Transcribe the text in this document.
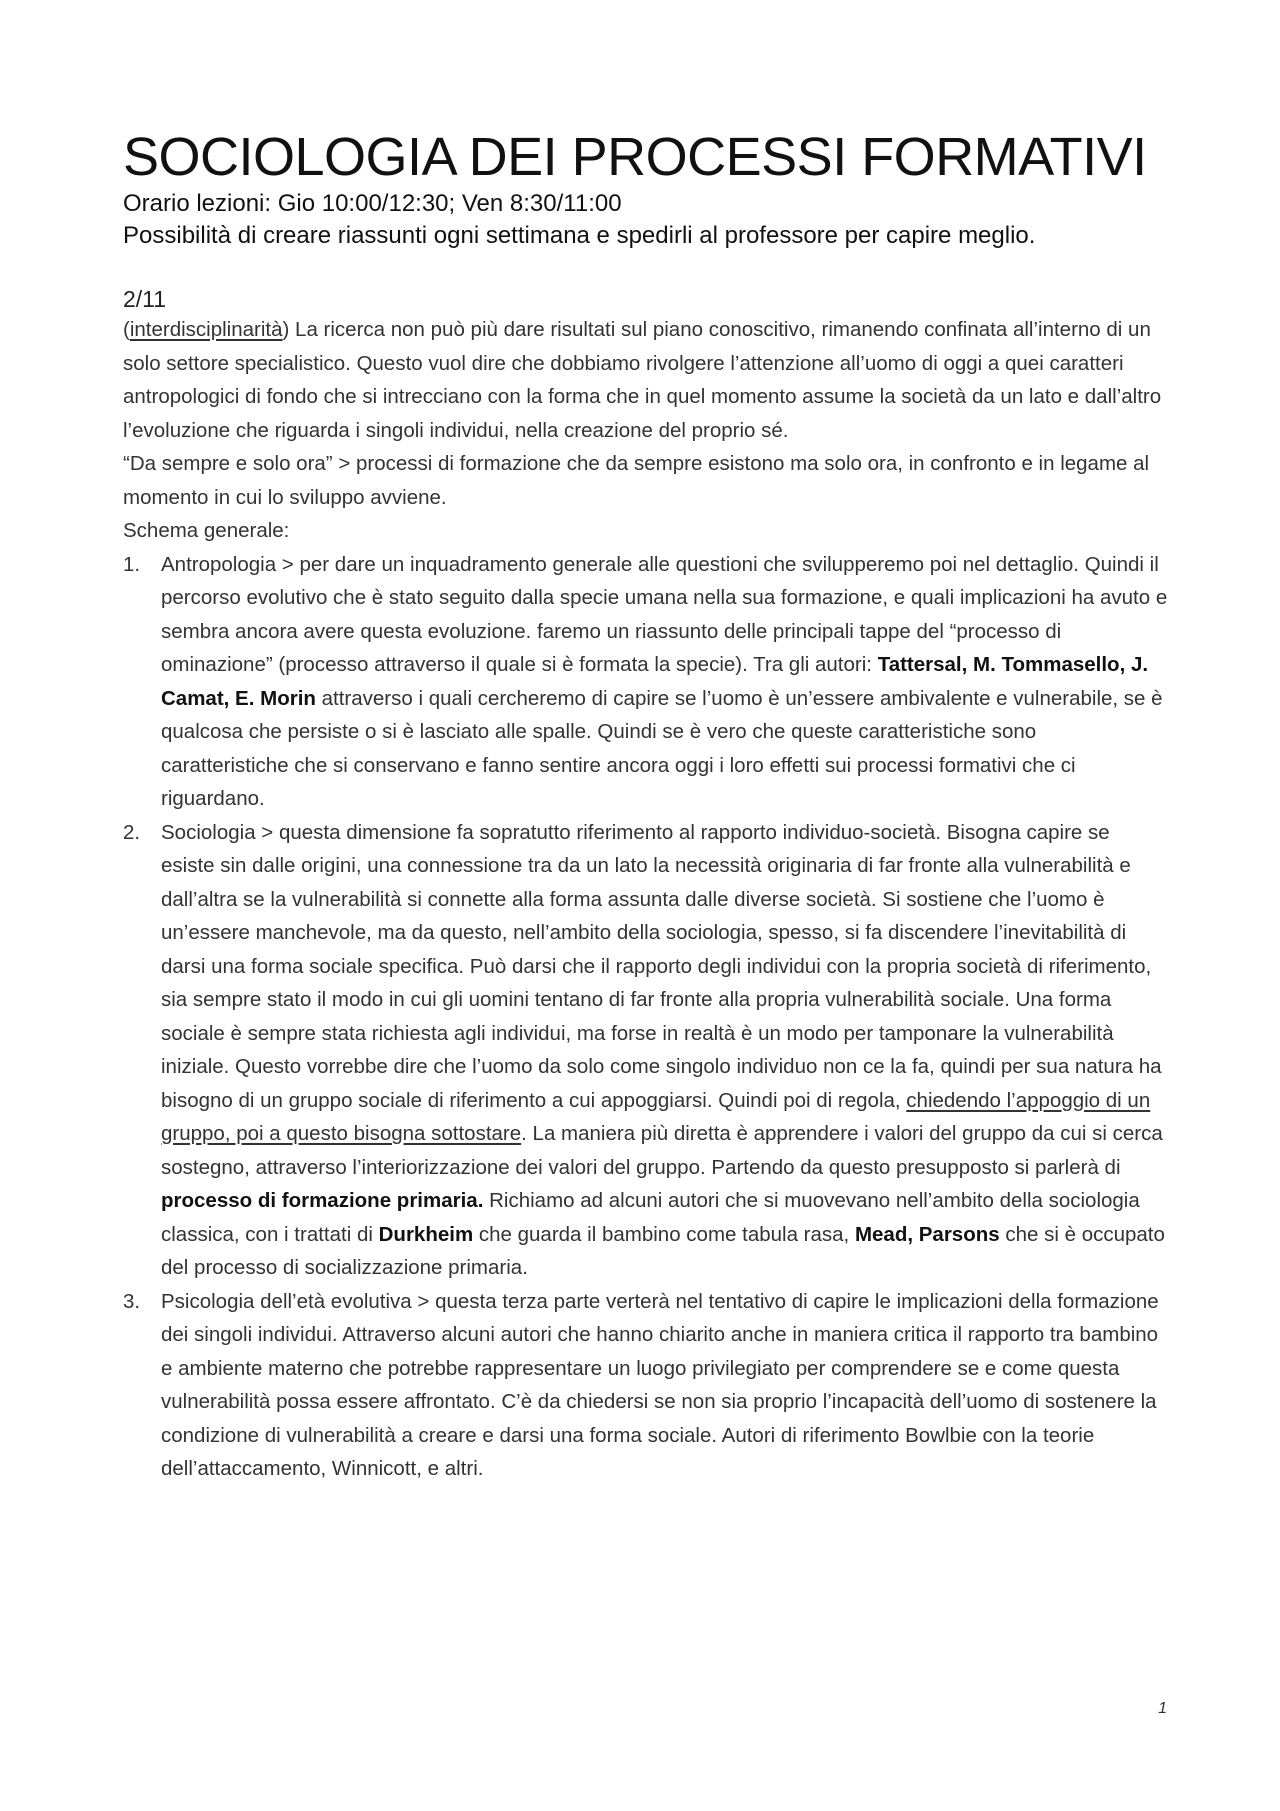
SOCIOLOGIA DEI PROCESSI FORMATIVI

Orario lezioni: Gio 10:00/12:30; Ven 8:30/11:00

Possibilità di creare riassunti ogni settimana e spedirli al professore per capire meglio.

2/11

(interdisciplinarità) La ricerca non può più dare risultati sul piano conoscitivo, rimanendo confinata all’interno di un solo settore specialistico. Questo vuol dire che dobbiamo rivolgere l’attenzione all’uomo di oggi a quei caratteri antropologici di fondo che si intrecciano con la forma che in quel momento assume la società da un lato e dall’altro l’evoluzione che riguarda i singoli individui, nella creazione del proprio sé.

“Da sempre e solo ora” > processi di formazione che da sempre esistono ma solo ora, in confronto e in legame al momento in cui lo sviluppo avviene.

Schema generale:

1. Antropologia > per dare un inquadramento generale alle questioni che svilupperemo poi nel dettaglio. Quindi il percorso evolutivo che è stato seguito dalla specie umana nella sua formazione, e quali implicazioni ha avuto e sembra ancora avere questa evoluzione. faremo un riassunto delle principali tappe del “processo di ominazione” (processo attraverso il quale si è formata la specie). Tra gli autori: Tattersal, M. Tommasello, J. Camat, E. Morin attraverso i quali cercheremo di capire se l’uomo è un’essere ambivalente e vulnerabile, se è qualcosa che persiste o si è lasciato alle spalle. Quindi se è vero che queste caratteristiche sono caratteristiche che si conservano e fanno sentire ancora oggi i loro effetti sui processi formativi che ci riguardano.
2. Sociologia > questa dimensione fa sopratutto riferimento al rapporto individuo-società. Bisogna capire se esiste sin dalle origini, una connessione tra da un lato la necessità originaria di far fronte alla vulnerabilità e dall’altra se la vulnerabilità si connette alla forma assunta dalle diverse società. Si sostiene che l’uomo è un’essere manchevole, ma da questo, nell’ambito della sociologia, spesso, si fa discendere l’inevitabilità di darsi una forma sociale specifica. Può darsi che il rapporto degli individui con la propria società di riferimento, sia sempre stato il modo in cui gli uomini tentano di far fronte alla propria vulnerabilità sociale. Una forma sociale è sempre stata richiesta agli individui, ma forse in realtà è un modo per tamponare la vulnerabilità iniziale. Questo vorrebbe dire che l’uomo da solo come singolo individuo non ce la fa, quindi per sua natura ha bisogno di un gruppo sociale di riferimento a cui appoggiarsi. Quindi poi di regola, chiedendo l’appoggio di un gruppo, poi a questo bisogna sottostare. La maniera più diretta è apprendere i valori del gruppo da cui si cerca sostegno, attraverso l’interiorizzazione dei valori del gruppo. Partendo da questo presupposto si parlerà di processo di formazione primaria. Richiamo ad alcuni autori che si muovevano nell’ambito della sociologia classica, con i trattati di Durkheim che guarda il bambino come tabula rasa, Mead, Parsons che si è occupato del processo di socializzazione primaria.
3. Psicologia dell’età evolutiva > questa terza parte verterà nel tentativo di capire le implicazioni della formazione dei singoli individui. Attraverso alcuni autori che hanno chiarito anche in maniera critica il rapporto tra bambino e ambiente materno che potrebbe rappresentare un luogo privilegiato per comprendere se e come questa vulnerabilità possa essere affrontato. C’è da chiedersi se non sia proprio l’incapacità dell’uomo di sostenere la condizione di vulnerabilità a creare e darsi una forma sociale. Autori di riferimento Bowlbie con la teorie dell’attaccamento, Winnicott, e altri.
1
